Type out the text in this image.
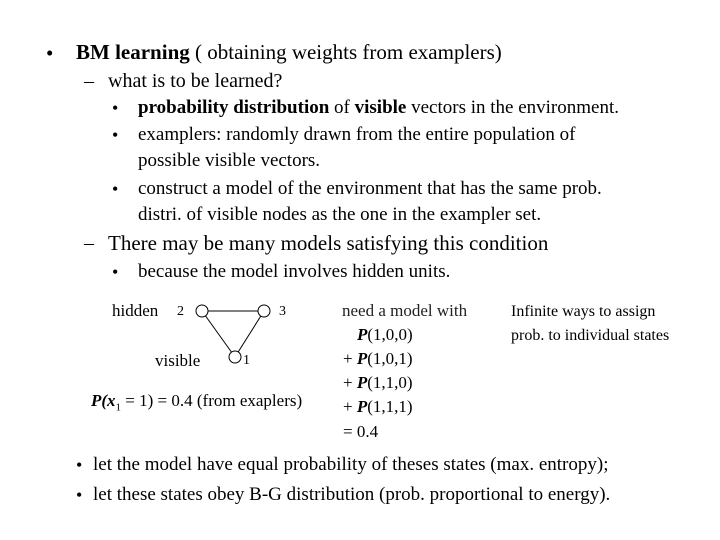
• BM learning ( obtaining weights from examplers)
– what is to be learned?
• probability distribution of visible vectors in the environment.
• examplers: randomly drawn from the entire population of
possible visible vectors.
• construct a model of the environment that has the same prob.
distri. of visible nodes as the one in the exampler set.
– There may be many models satisfying this condition
• because the model involves hidden units.
hidden 2	3
visible	1
$P(x_1 = 1) = 0.4$ (from exaplers)
need a model with
P(1,0,0)
+ P(1,0,1)
+ P(1,1,0)
+ P(1,1,1)
= 0.4
Infinite ways to assign prob. to individual states
• let the model have equal probability of theses states (max. entropy);
• let these states obey B-G distribution (prob. proportional to energy).
